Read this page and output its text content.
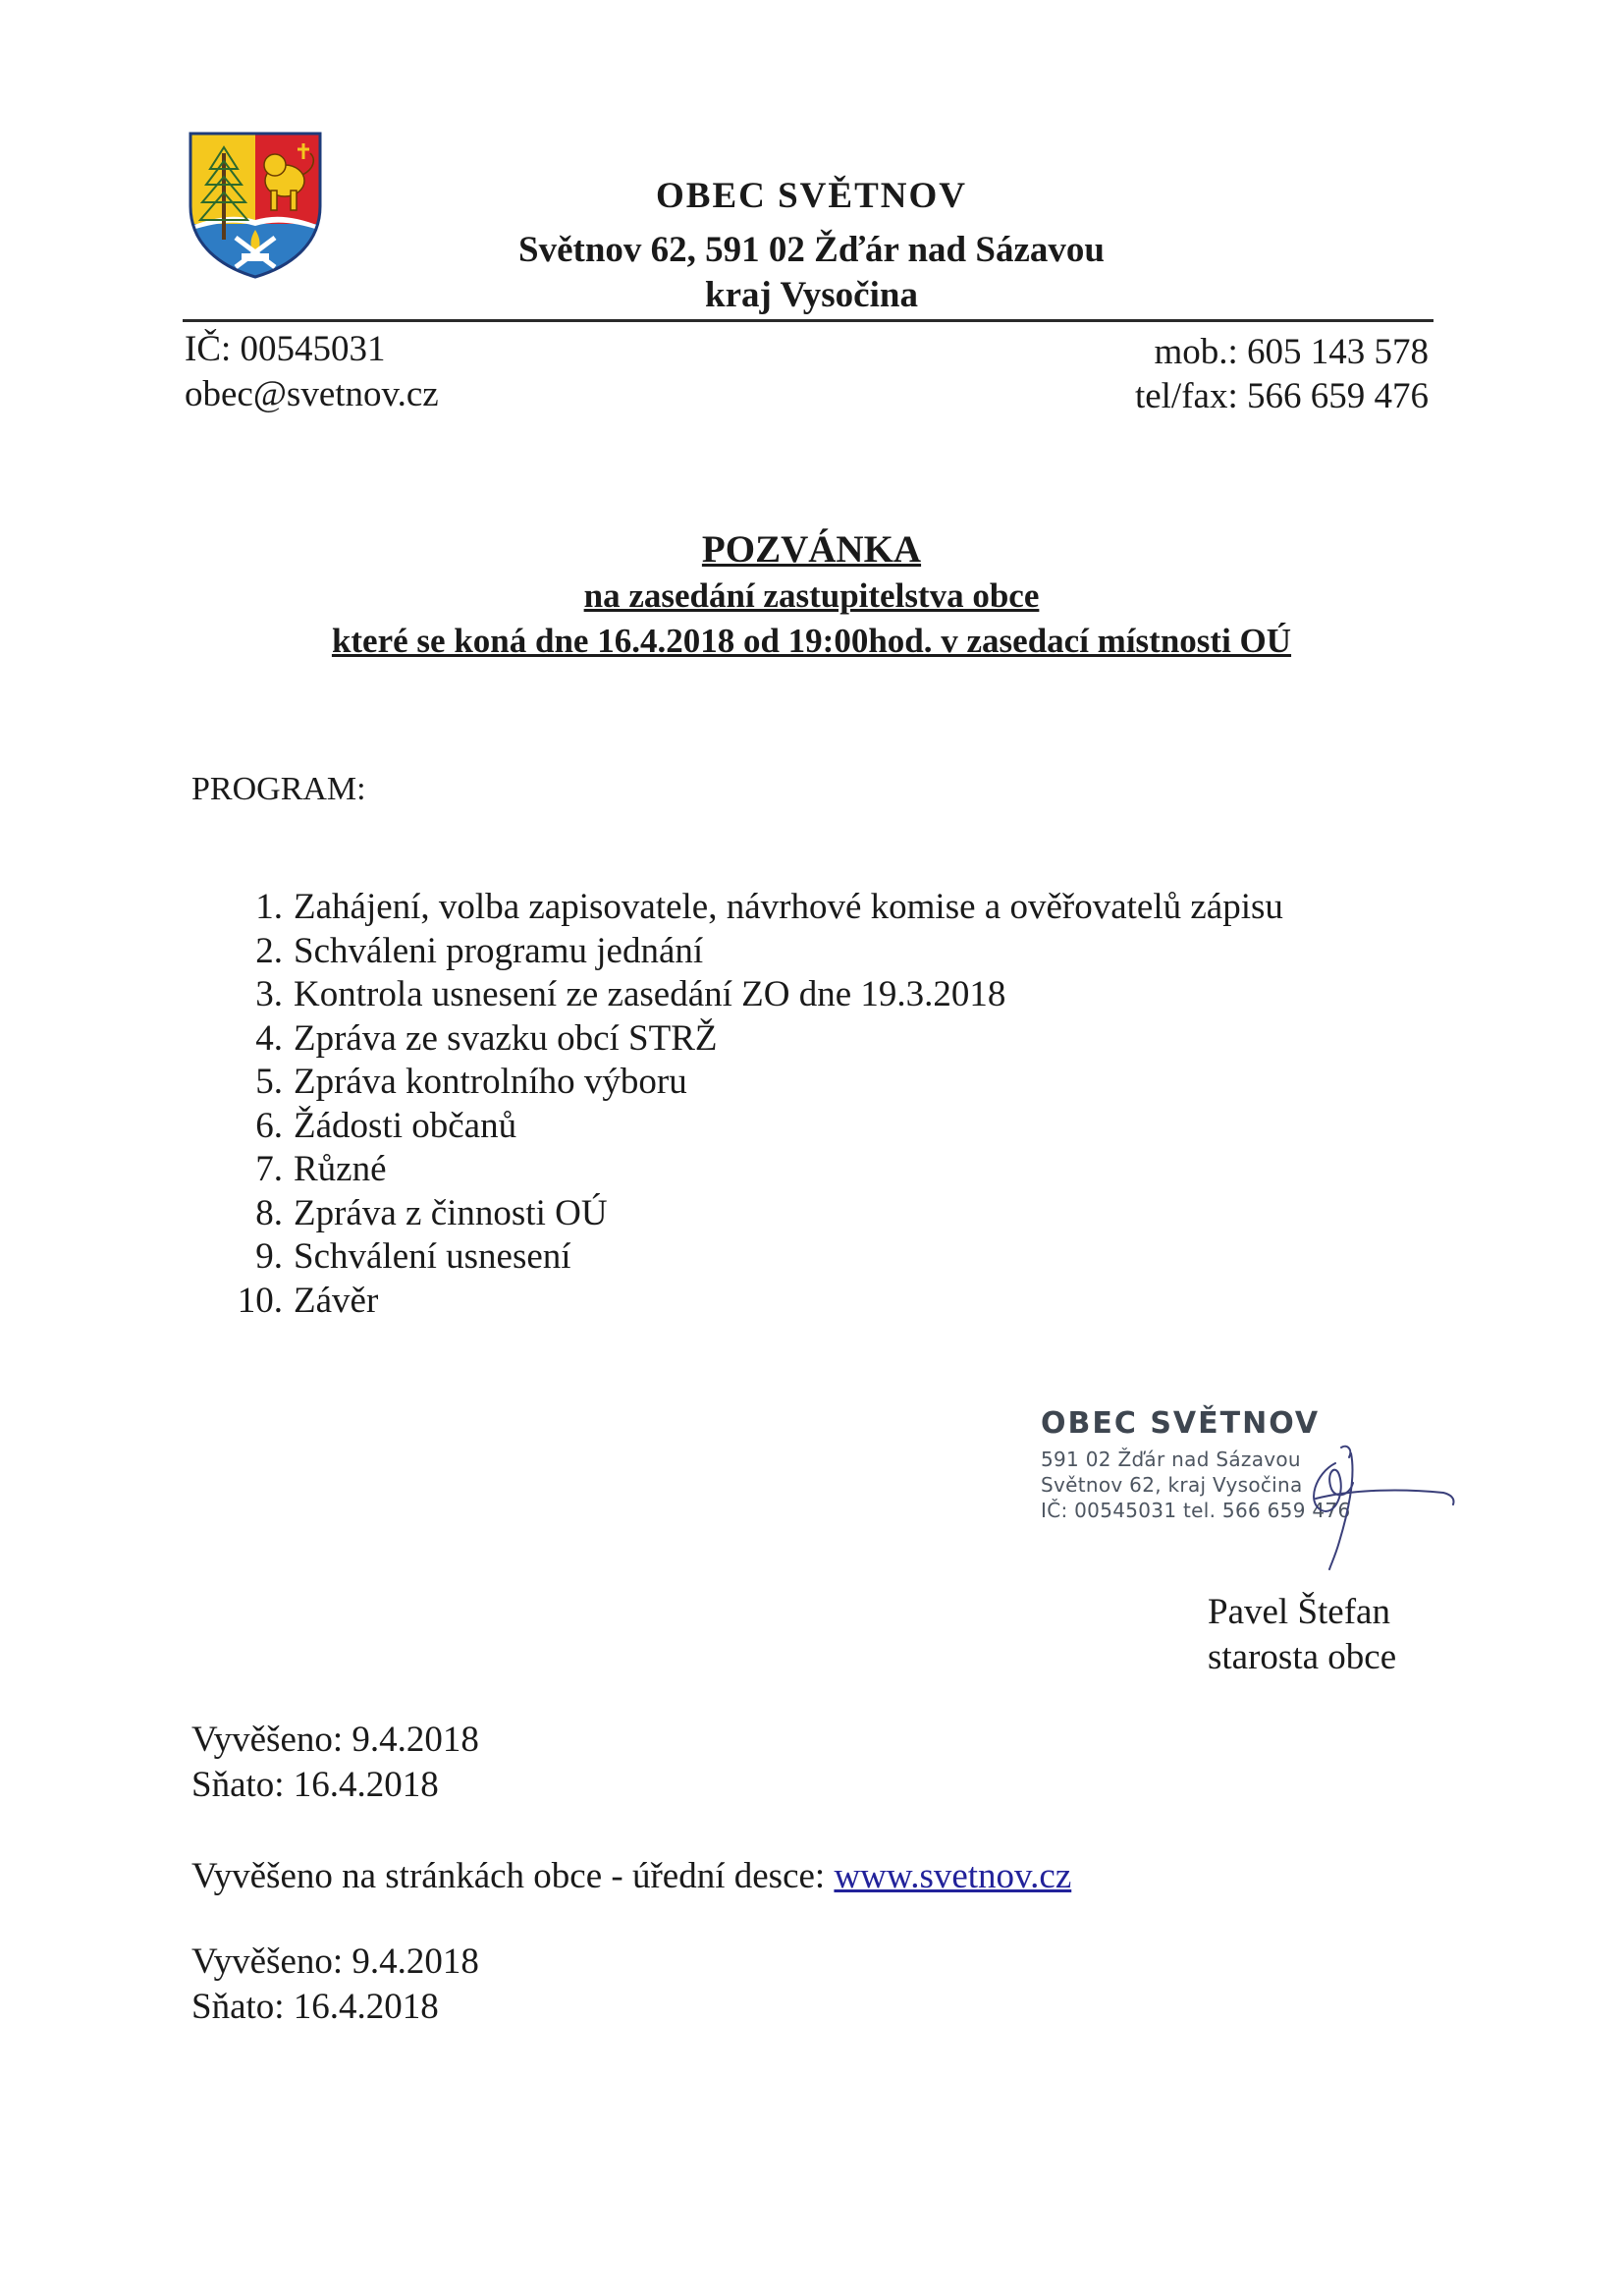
OBEC SVĚTNOV
Světnov 62, 591 02 Žďár nad Sázavou
kraj Vysočina
IČ: 00545031
obec@svetnov.cz
mob.: 605 143 578
tel/fax: 566 659 476
POZVÁNKA
na zasedání zastupitelstva obce
které se koná dne 16.4.2018 od 19:00hod. v zasedací místnosti OÚ
PROGRAM:
1. Zahájení, volba zapisovatele, návrhové komise a ověřovatelů zápisu
2. Schváleni programu jednání
3. Kontrola usnesení ze zasedání ZO dne 19.3.2018
4. Zpráva ze svazku obcí STRŽ
5. Zpráva kontrolního výboru
6. Žádosti občanů
7. Různé
8. Zpráva z činnosti OÚ
9. Schválení usnesení
10. Závěr
OBEC SVĚTNOV
591 02 Žďár nad Sázavou
Světnov 62, kraj Vysočina
IČ: 00545031 tel. 566 659 476
Pavel Štefan
starosta obce
Vyvěšeno: 9.4.2018
Sňato: 16.4.2018
Vyvěšeno na stránkách obce - úřední desce: www.svetnov.cz
Vyvěšeno: 9.4.2018
Sňato: 16.4.2018
